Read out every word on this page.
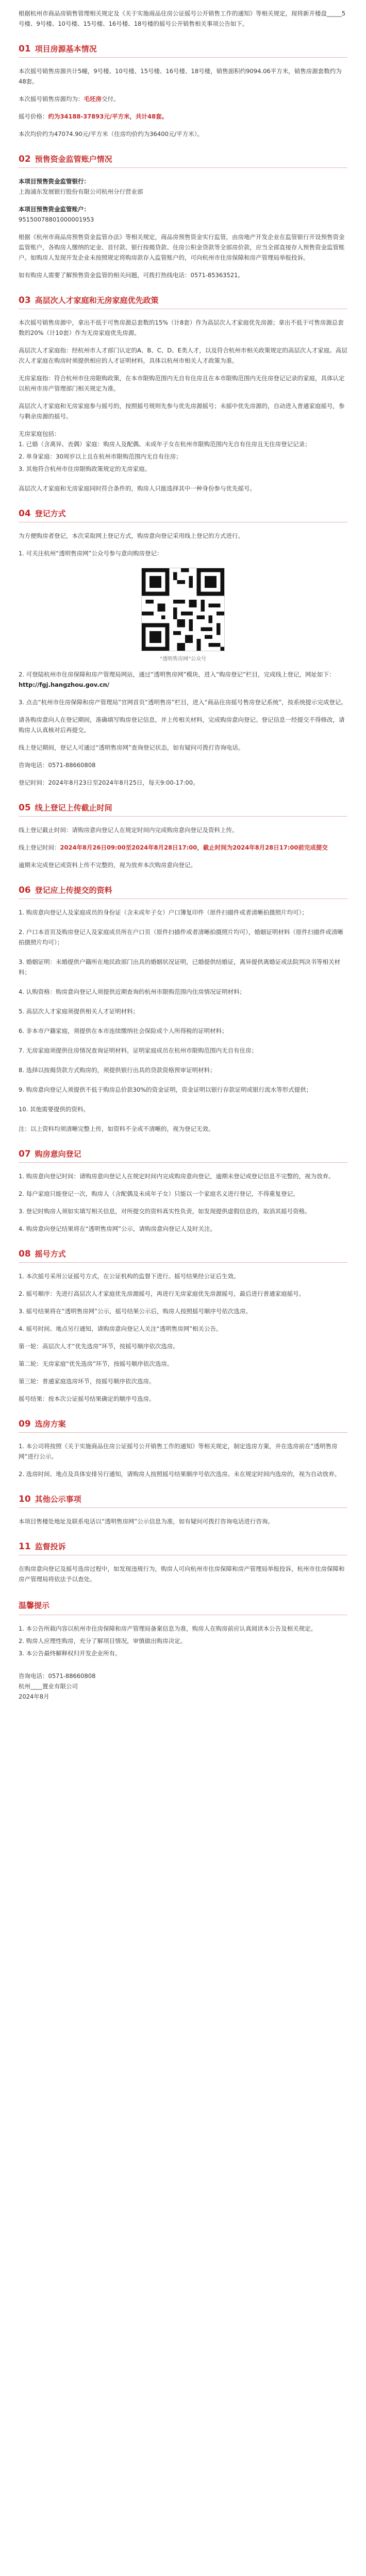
根据杭州市商品房销售管理相关规定及《关于实施商品住房公证摇号公开销售工作的通知》等相关规定，现将新开楼盘_____5号楼、9号楼、10号楼、15号楼、16号楼、18号楼的摇号公开销售相关事项公告如下。

01 项目房源基本情况

本次摇号销售房源共计5幢，9号楼、10号楼、15号楼、16号楼、18号楼，销售面积约9094.06平方米，销售房源套数约为48套。

本次摇号销售房源均为：毛坯房交付。

摇号价格：约为34188-37893元/平方米，共计48套。

本次均价约为47074.90元/平方米（住房均价约为36400元/平方米）。

02 预售资金监管账户情况

本项目预售资金监管银行：

上海浦东发展银行股份有限公司杭州分行营业部

本项目预售资金监管账户：

95150078801000001953

根据《杭州市商品房预售资金监管办法》等相关规定，商品房预售资金实行监管，由房地产开发企业在监管银行开设预售资金监管账户，各购房人缴纳的定金、首付款、银行按揭贷款、住房公积金贷款等全部房价款，应当全部直接存入预售资金监管账户。如购房人发现开发企业未按照规定将购房款存入监管账户的，可向杭州市住房保障和房产管理局举报投诉。

如有购房人需要了解预售资金监管的相关问题，可拨打热线电话：0571-85363521。

03 高层次人才家庭和无房家庭优先政策

本次摇号销售房源中，拿出不低于可售房源总套数的15%（计8套）作为高层次人才家庭优先房源；拿出不低于可售房源总套数的20%（计10套）作为无房家庭优先房源。

高层次人才家庭指：经杭州市人才部门认定的A、B、C、D、E类人才，以及符合杭州市相关政策规定的高层次人才家庭。高层次人才家庭在购房时须提供相应的人才证明材料，具体以杭州市相关人才政策为准。

无房家庭指：符合杭州市住房限购政策，在本市限购范围内无自有住房且在本市限购范围内无住房登记记录的家庭，具体认定以杭州市房产管理部门相关规定为准。

高层次人才家庭和无房家庭参与摇号的，按照摇号规则先参与优先房源摇号；未摇中优先房源的，自动进入普通家庭摇号，参与剩余房源的摇号。

无房家庭包括：

1. 已婚（含离异、丧偶）家庭：购房人及配偶、未成年子女在杭州市限购范围内无自有住房且无住房登记记录；

2. 单身家庭：30周岁以上且在杭州市限购范围内无自有住房；

3. 其他符合杭州市住房限购政策规定的无房家庭。

高层次人才家庭和无房家庭同时符合条件的，购房人只能选择其中一种身份参与优先摇号。

04 登记方式

为方便购房者登记，本次采取网上登记方式，购房意向登记采用线上登记的方式进行。

1. 可关注杭州“透明售房网”公众号参与意向购房登记：

“透明售房网”公众号

2. 可登陆杭州市住房保障和房产管理局网站，通过“透明售房网”模块，进入“购房登记”栏目，完成线上登记，网址如下：

http://fgj.hangzhou.gov.cn/

3. 点击“杭州市住房保障和房产管理局”官网首页“透明售房”栏目，进入“商品住房摇号售房登记系统”，按系统提示完成登记。

请各购房意向人在登记期间，准确填写购房登记信息，并上传相关材料，完成购房意向登记。登记信息一经提交不得修改，请购房人认真核对后再提交。

线上登记期间，登记人可通过“透明售房网”查询登记状态，如有疑问可拨打咨询电话。

咨询电话：0571-88660808

登记时间：2024年8月23日至2024年8月25日，每天9:00-17:00。

05 线上登记上传截止时间

线上登记截止时间：请购房意向登记人在规定时间内完成购房意向登记及资料上传。

线上登记时间：2024年8月26日09:00至2024年8月28日17:00，截止时间为2024年8月28日17:00前完成提交

逾期未完成登记或资料上传不完整的，视为放弃本次购房意向登记。

06 登记应上传提交的资料

1. 购房意向登记人及家庭成员的身份证（含未成年子女）户口簿复印件（原件扫描件或者清晰拍摄照片均可）；

2. 户口本首页及购房登记人及家庭成员所在户口页（原件扫描件或者清晰拍摄照片均可），婚姻证明材料（原件扫描件或清晰拍摄照片均可）；

3. 婚姻证明：未婚提供户籍所在地民政部门出具的婚姻状况证明，已婚提供结婚证，离异提供离婚证或法院判决书等相关材料；

4. 认购资格：购房意向登记人须提供近期查询的杭州市限购范围内住房情况证明材料；

5. 高层次人才家庭须提供相关人才证明材料；

6. 非本市户籍家庭，须提供在本市连续缴纳社会保险或个人所得税的证明材料；

7. 无房家庭须提供住房情况查询证明材料，证明家庭成员在杭州市限购范围内无自有住房；

8. 选择以按揭贷款方式购房的，须提供银行出具的贷款资格预审证明材料；

9. 购房意向登记人须提供不低于购房总价款30%的资金证明，资金证明以银行存款证明或银行流水等形式提供；

10. 其他需要提供的资料。

注：以上资料均须清晰完整上传，如资料不全或不清晰的，视为登记无效。

07 购房意向登记

1. 购房意向登记时间：请购房意向登记人在规定时间内完成购房意向登记，逾期未登记或登记信息不完整的，视为放弃。

2. 每户家庭只能登记一次，购房人（含配偶及未成年子女）只能以一个家庭名义进行登记，不得重复登记。

3. 登记时购房人须如实填写相关信息，对所提交的资料真实性负责，如发现提供虚假信息的，取消其摇号资格。

4. 购房意向登记结果将在“透明售房网”公示，请购房意向登记人及时关注。

08 摇号方式

1. 本次摇号采用公证摇号方式，在公证机构的监督下进行。摇号结果经公证后生效。

2. 摇号顺序：先进行高层次人才家庭优先房源摇号，再进行无房家庭优先房源摇号，最后进行普通家庭摇号。

3. 摇号结果将在“透明售房网”公示，摇号结果公示后，购房人按照摇号顺序号依次选房。

4. 摇号时间、地点另行通知，请购房意向登记人关注“透明售房网”相关公告。

第一轮：高层次人才“优先选房”环节，按摇号顺序依次选房。

第二轮：无房家庭“优先选房”环节，按摇号顺序依次选房。

第三轮：普通家庭选房环节，按摇号顺序依次选房。

摇号结果：按本次公证摇号结果确定的顺序号选房。

09 选房方案

1. 本公司将按照《关于实施商品住房公证摇号公开销售工作的通知》等相关规定，制定选房方案，并在选房前在“透明售房网”进行公示。

2. 选房时间、地点及具体安排另行通知，请购房人按照摇号结果顺序号依次选房。未在规定时间内选房的，视为自动放弃。

10 其他公示事项

本项目售楼处地址及联系电话以“透明售房网”公示信息为准，如有疑问可拨打咨询电话进行咨询。

11 监督投诉

在购房意向登记及摇号选房过程中，如发现违规行为，购房人可向杭州市住房保障和房产管理局举报投诉，杭州市住房保障和房产管理局将依法予以查处。

温馨提示

1. 本公告所载内容以杭州市住房保障和房产管理局备案信息为准，购房人在购房前应认真阅读本公告及相关规定。

2. 购房人应理性购房，充分了解项目情况，审慎做出购房决定。

3. 本公告最终解释权归开发企业所有。

咨询电话：0571-88660808

杭州____置业有限公司

2024年8月
